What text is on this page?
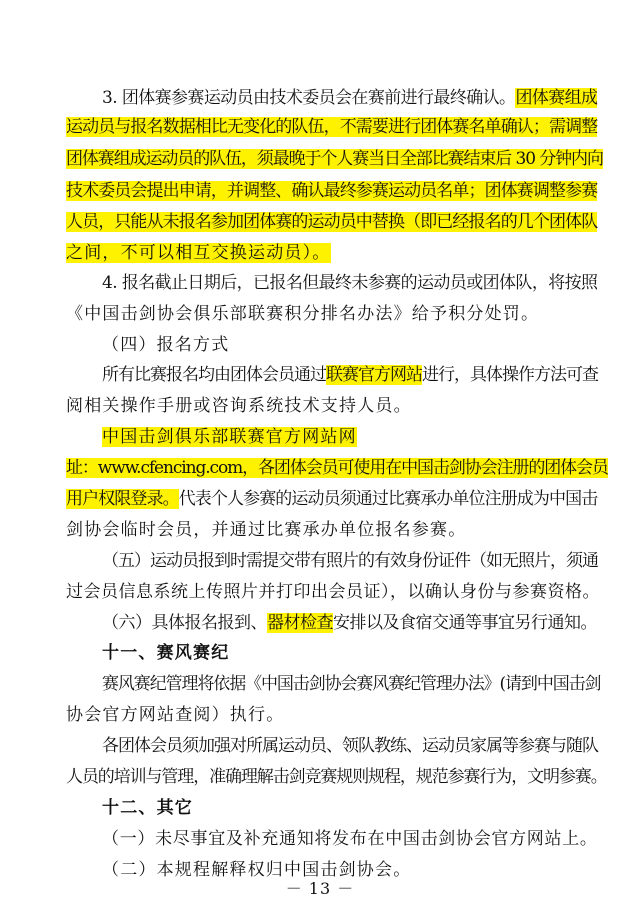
3. 团体赛参赛运动员由技术委员会在赛前进行最终确认。团体赛组成
运动员与报名数据相比无变化的队伍，不需要进行团体赛名单确认；需调整
团体赛组成运动员的队伍，须最晚于个人赛当日全部比赛结束后 30 分钟内向
技术委员会提出申请，并调整、确认最终参赛运动员名单；团体赛调整参赛
人员，只能从未报名参加团体赛的运动员中替换（即已经报名的几个团体队
之间，不可以相互交换运动员）。
4. 报名截止日期后，已报名但最终未参赛的运动员或团体队，将按照
《中国击剑协会俱乐部联赛积分排名办法》给予积分处罚。
（四）报名方式
所有比赛报名均由团体会员通过联赛官方网站进行，具体操作方法可查
阅相关操作手册或咨询系统技术支持人员。
中国击剑俱乐部联赛官方网站网
址：www.cfencing.com，各团体会员可使用在中国击剑协会注册的团体会员
用户权限登录。代表个人参赛的运动员须通过比赛承办单位注册成为中国击
剑协会临时会员，并通过比赛承办单位报名参赛。
（五）运动员报到时需提交带有照片的有效身份证件（如无照片，须通
过会员信息系统上传照片并打印出会员证），以确认身份与参赛资格。
（六）具体报名报到、器材检查安排以及食宿交通等事宜另行通知。
十一、赛风赛纪
赛风赛纪管理将依据《中国击剑协会赛风赛纪管理办法》(请到中国击剑
协会官方网站查阅）执行。
各团体会员须加强对所属运动员、领队教练、运动员家属等参赛与随队
人员的培训与管理，准确理解击剑竞赛规则规程，规范参赛行为，文明参赛。
十二、其它
（一）未尽事宜及补充通知将发布在中国击剑协会官方网站上。
（二）本规程解释权归中国击剑协会。
－ 13 －
